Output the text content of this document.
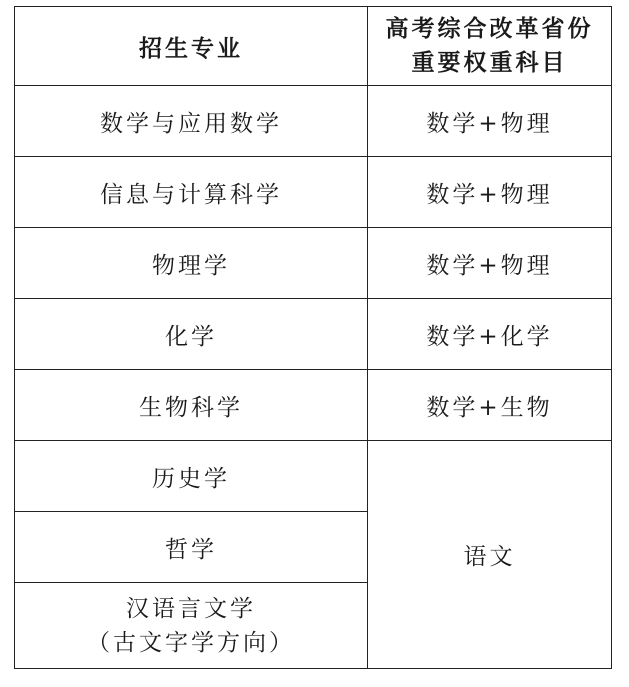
招生专业	高考综合改革省份
重要权重科目

数学与应用数学	数学+物理
信息与计算科学	数学+物理
物理学	数学+物理
化学	数学+化学
生物科学	数学+生物
历史学	语文
哲学	

汉语言文学
（古文字学方向）	
